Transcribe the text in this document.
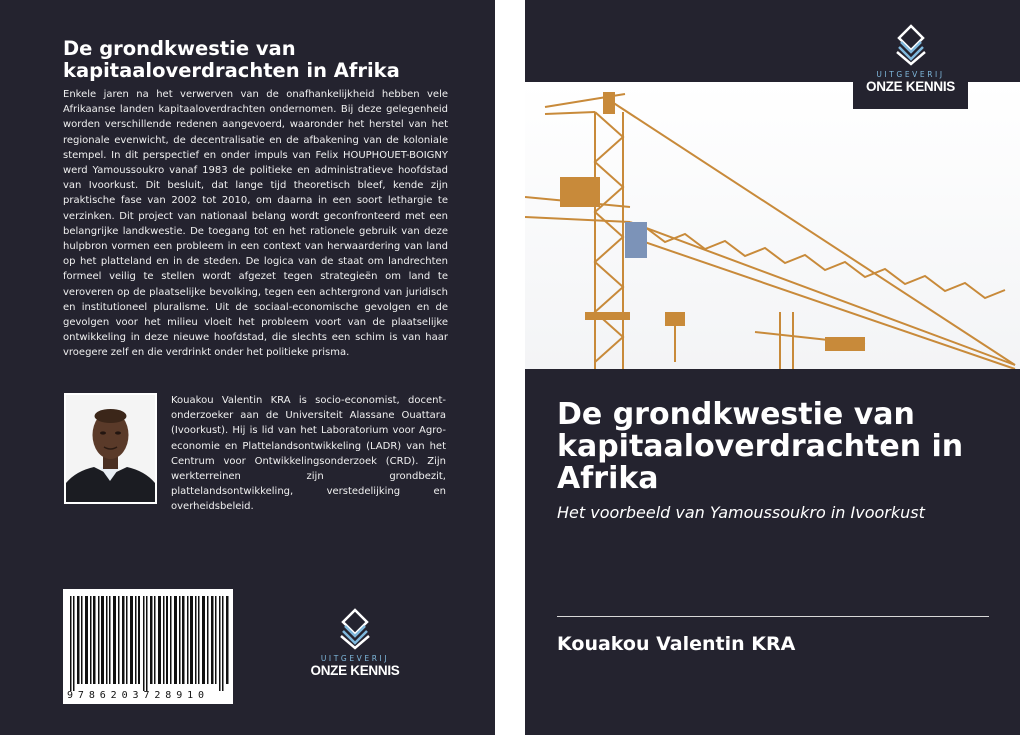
De grondkwestie van kapitaaloverdrachten in Afrika

Enkele jaren na het verwerven van de onafhankelijkheid hebben vele Afrikaanse landen kapitaaloverdrachten ondernomen. Bij deze gelegenheid worden verschillende redenen aangevoerd, waaronder het herstel van het regionale evenwicht, de decentralisatie en de afbakening van de koloniale stempel. In dit perspectief en onder impuls van Felix HOUPHOUET-BOIGNY werd Yamoussoukro vanaf 1983 de politieke en administratieve hoofdstad van Ivoorkust. Dit besluit, dat lange tijd theoretisch bleef, kende zijn praktische fase van 2002 tot 2010, om daarna in een soort lethargie te verzinken. Dit project van nationaal belang wordt geconfronteerd met een belangrijke landkwestie. De toegang tot en het rationele gebruik van deze hulpbron vormen een probleem in een context van herwaardering van land op het platteland en in de steden. De logica van de staat om landrechten formeel veilig te stellen wordt afgezet tegen strategieën om land te veroveren op de plaatselijke bevolking, tegen een achtergrond van juridisch en institutioneel pluralisme. Uit de sociaal-economische gevolgen en de gevolgen voor het milieu vloeit het probleem voort van de plaatselijke ontwikkeling in deze nieuwe hoofdstad, die slechts een schim is van haar vroegere zelf en die verdrinkt onder het politieke prisma.

Kouakou Valentin KRA is socio-economist, docent-onderzoeker aan de Universiteit Alassane Ouattara (Ivoorkust). Hij is lid van het Laboratorium voor Agro-economie en Plattelandsontwikkeling (LADR) van het Centrum voor Ontwikkelingsonderzoek (CRD). Zijn werkterreinen zijn grondbezit, plattelandsontwikkeling, verstedelijking en overheidsbeleid.

9786203728910
UITGEVERIJ
ONZE KENNIS
UITGEVERIJ
ONZE KENNIS
De grondkwestie van kapitaaloverdrachten in Afrika

Het voorbeeld van Yamoussoukro in Ivoorkust

Kouakou Valentin KRA
